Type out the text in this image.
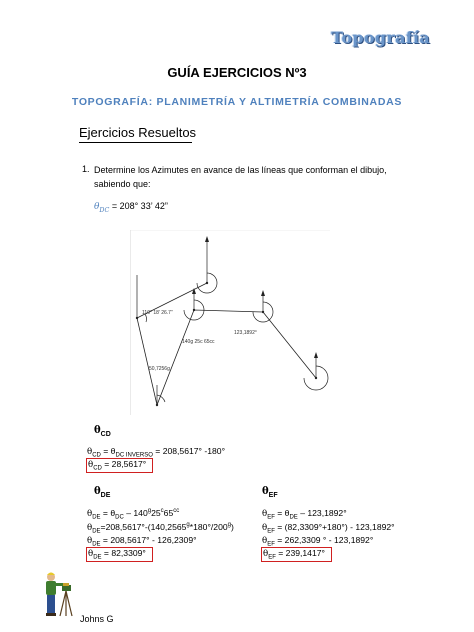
Topografía
GUÍA EJERCICIOS Nº3
TOPOGRAFÍA: PLANIMETRÍA Y ALTIMETRÍA COMBINADAS
Ejercicios Resueltos
1. Determine los Azimutes en avance de las líneas que conforman el dibujo, sabiendo que:
$\theta_{DC} = 208^\circ$ 33’ 42”
110° 18’ 26.7”
123,1892°
140g 25c 65cc
50,7256g
$\theta_{CD}$
$\theta_{CD} = \theta_{DC INVERSO} = 208,5617^\circ$ -180°
$\theta_{CD} = 28,5617^\circ$
$\theta_{DE}$
$\theta_{DE} = \theta_{DC} - 140^g25^c65^{cc}$
$\theta_{DE}=208,5617^\circ-(140,2565^g*180^\circ/200^g)$
$\theta_{DE} = 208,5617^\circ - 126,2309^\circ$
$\theta_{DE} = 82,3309^\circ$
$\theta_{EF}$
$\theta_{EF} = \theta_{DE} - 123,1892^\circ$
$\theta_{EF} = (82,3309^\circ+180^\circ) - 123,1892^\circ$
$\theta_{EF} = 262,3309$ ° - 123,1892°
$\theta_{EF} = 239,1417^\circ$
Johns G
